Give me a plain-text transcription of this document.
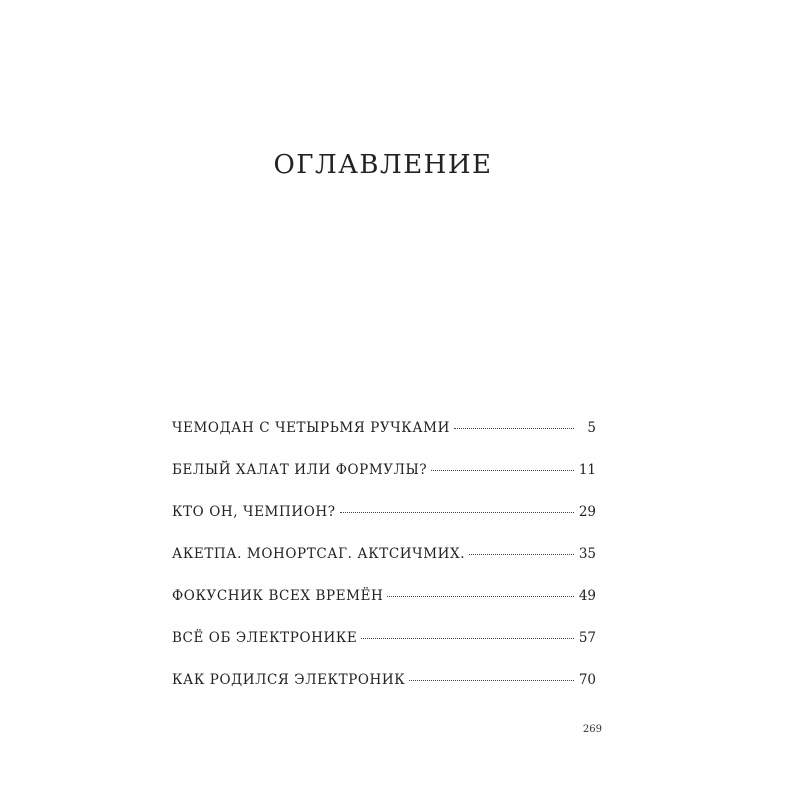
ОГЛАВЛЕНИЕ
ЧЕМОДАН С ЧЕТЫРЬМЯ РУЧКАМИ	5
БЕЛЫЙ ХАЛАТ ИЛИ ФОРМУЛЫ?	11
КТО ОН, ЧЕМПИОН?	29
АКЕТПА. МОНОРТСАГ. АКТСИЧМИХ.	35
ФОКУСНИК ВСЕХ ВРЕМЁН	49
ВСЁ ОБ ЭЛЕКТРОНИКЕ	57
КАК РОДИЛСЯ ЭЛЕКТРОНИК	70
269
